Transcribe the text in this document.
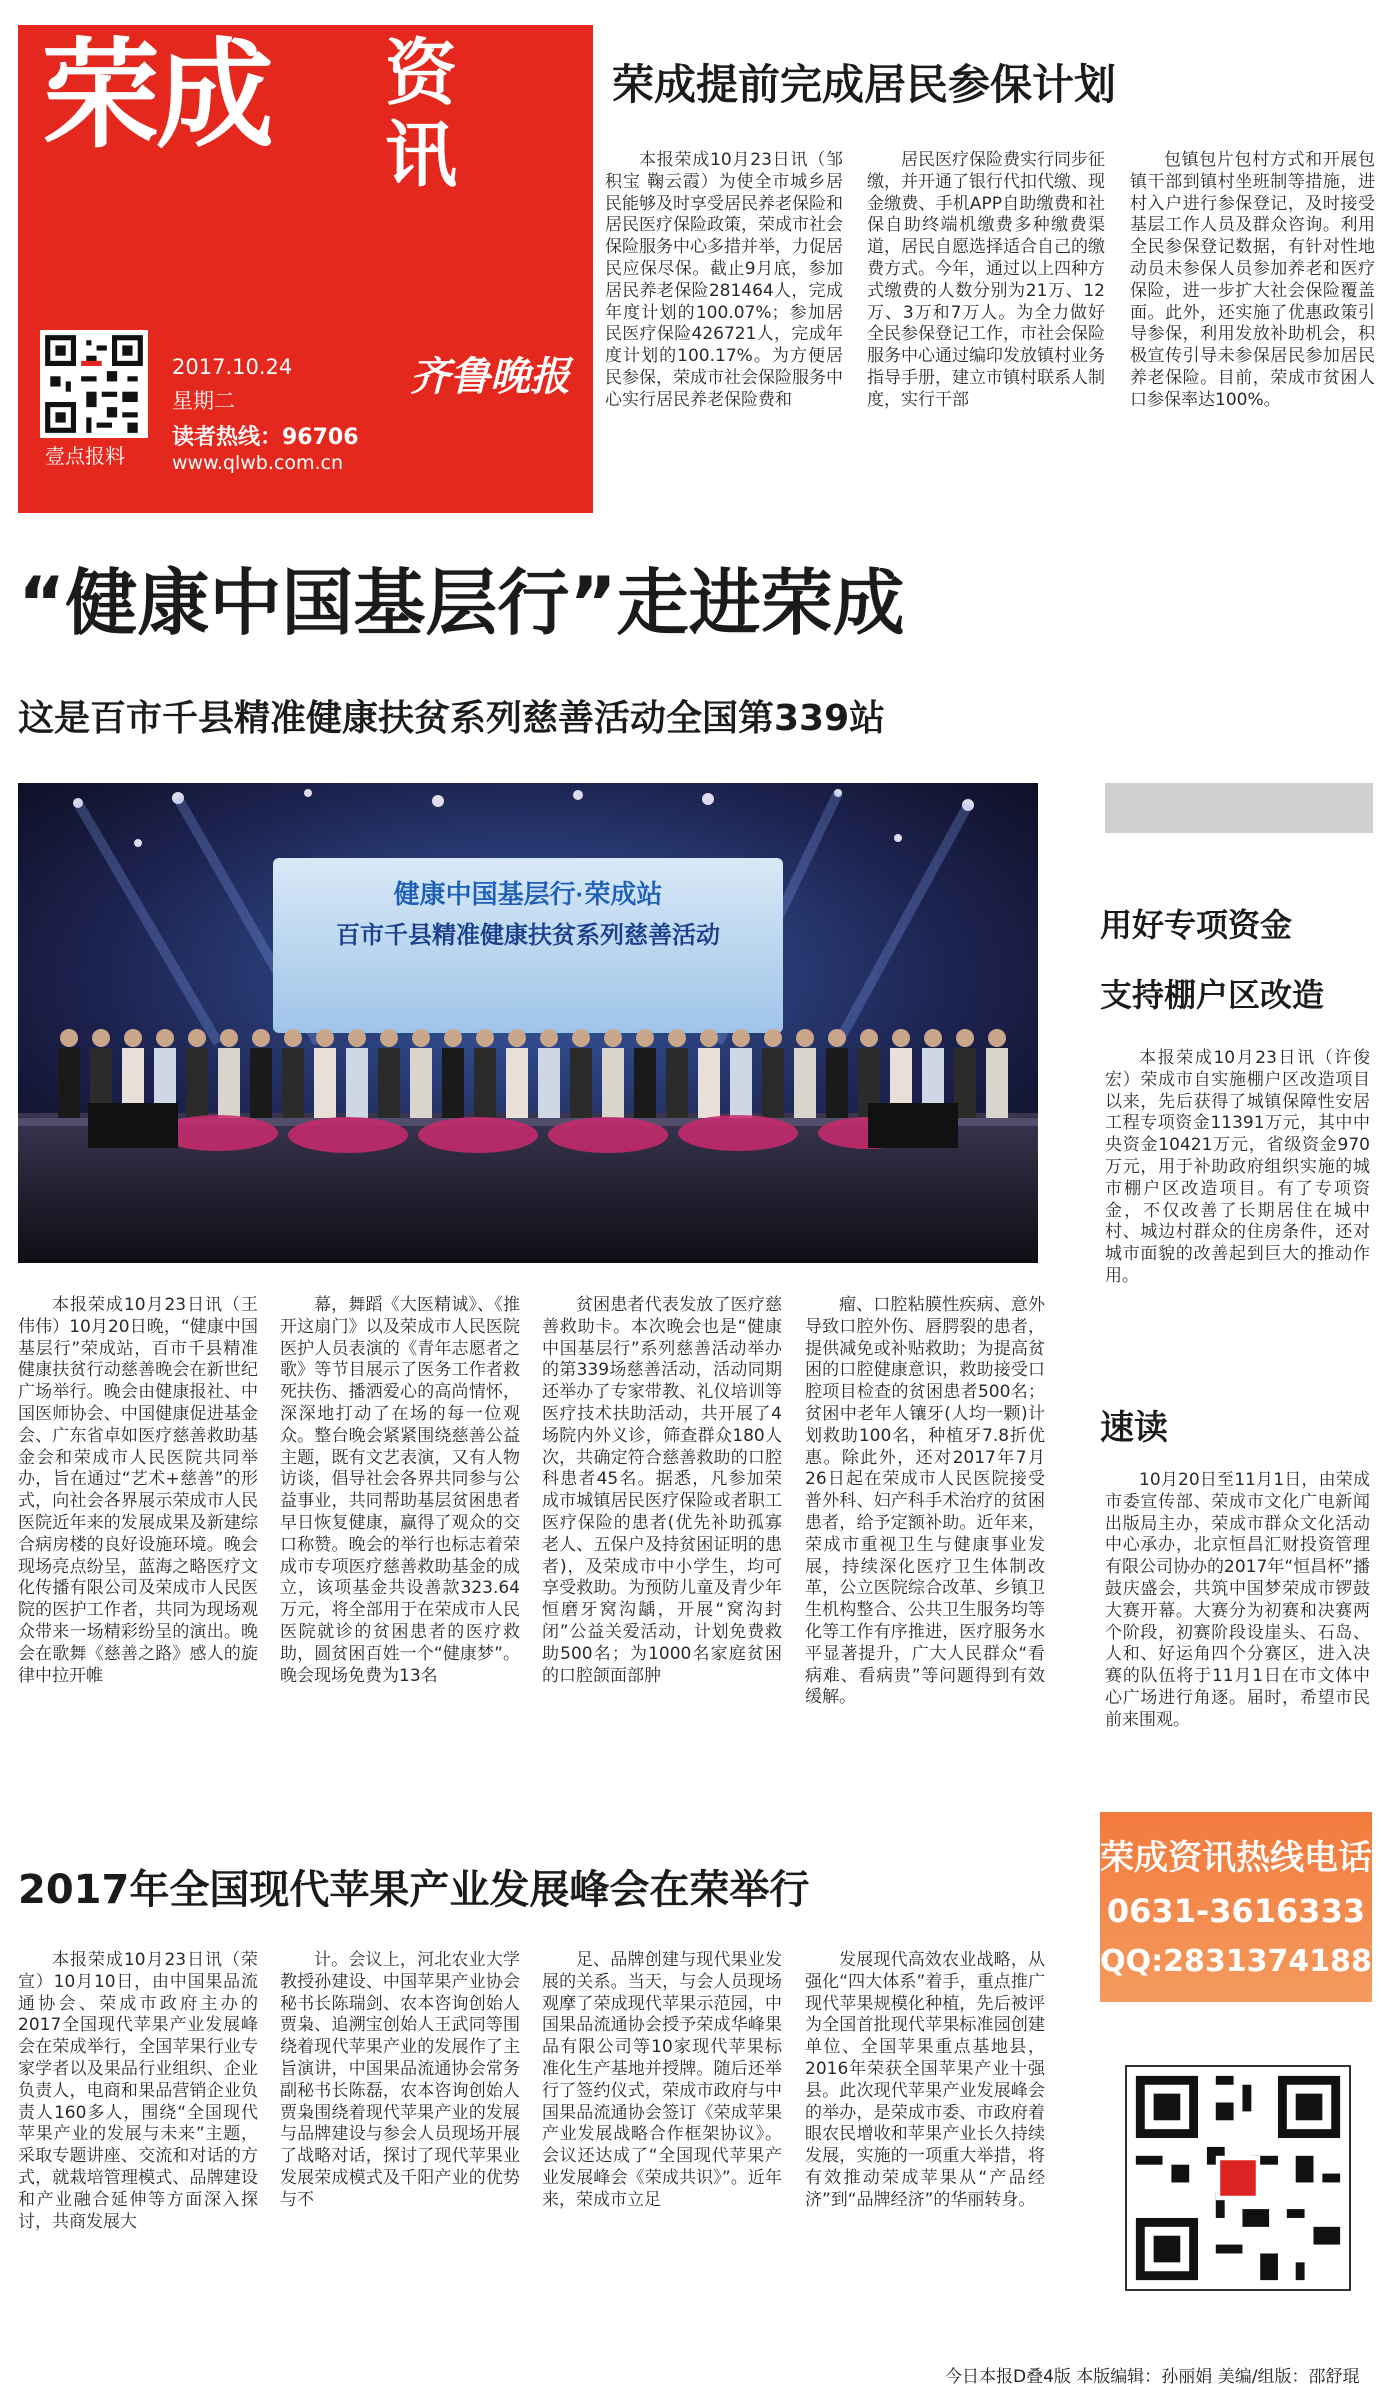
荣成 资
讯
壹点报料
2017.10.24
星期二
读者热线：96706
www.qlwb.com.cn
齐鲁晚报
荣成提前完成居民参保计划

本报荣成10月23日讯（邹积宝 鞠云霞）为使全市城乡居民能够及时享受居民养老保险和居民医疗保险政策，荣成市社会保险服务中心多措并举，力促居民应保尽保。截止9月底，参加居民养老保险281464人，完成年度计划的100.07%；参加居民医疗保险426721人，完成年度计划的100.17%。为方便居民参保，荣成市社会保险服务中心实行居民养老保险费和

居民医疗保险费实行同步征缴，并开通了银行代扣代缴、现金缴费、手机APP自助缴费和社保自助终端机缴费多种缴费渠道，居民自愿选择适合自己的缴费方式。今年，通过以上四种方式缴费的人数分别为21万、12万、3万和7万人。为全力做好全民参保登记工作，市社会保险服务中心通过编印发放镇村业务指导手册，建立市镇村联系人制度，实行干部

包镇包片包村方式和开展包镇干部到镇村坐班制等措施，进村入户进行参保登记，及时接受基层工作人员及群众咨询。利用全民参保登记数据，有针对性地动员未参保人员参加养老和医疗保险，进一步扩大社会保险覆盖面。此外，还实施了优惠政策引导参保，利用发放补助机会，积极宣传引导未参保居民参加居民养老保险。目前，荣成市贫困人口参保率达100%。

“健康中国基层行”走进荣成
这是百市千县精准健康扶贫系列慈善活动全国第339站
健康中国基层行·荣成站
百市千县精准健康扶贫系列慈善活动

本报荣成10月23日讯（王伟伟）10月20日晚，“健康中国基层行”荣成站，百市千县精准健康扶贫行动慈善晚会在新世纪广场举行。晚会由健康报社、中国医师协会、中国健康促进基金会、广东省卓如医疗慈善救助基金会和荣成市人民医院共同举办，旨在通过“艺术+慈善”的形式，向社会各界展示荣成市人民医院近年来的发展成果及新建综合病房楼的良好设施环境。晚会现场亮点纷呈，蓝海之略医疗文化传播有限公司及荣成市人民医院的医护工作者，共同为现场观众带来一场精彩纷呈的演出。晚会在歌舞《慈善之路》感人的旋律中拉开帷

幕，舞蹈《大医精诚》、《推开这扇门》以及荣成市人民医院医护人员表演的《青年志愿者之歌》等节目展示了医务工作者救死扶伤、播洒爱心的高尚情怀，深深地打动了在场的每一位观众。整台晚会紧紧围绕慈善公益主题，既有文艺表演，又有人物访谈，倡导社会各界共同参与公益事业，共同帮助基层贫困患者早日恢复健康，赢得了观众的交口称赞。晚会的举行也标志着荣成市专项医疗慈善救助基金的成立，该项基金共设善款323.64万元，将全部用于在荣成市人民医院就诊的贫困患者的医疗救助，圆贫困百姓一个“健康梦”。晚会现场免费为13名

贫困患者代表发放了医疗慈善救助卡。本次晚会也是“健康中国基层行”系列慈善活动举办的第339场慈善活动，活动同期还举办了专家带教、礼仪培训等医疗技术扶助活动，共开展了4场院内外义诊，筛查群众180人次，共确定符合慈善救助的口腔科患者45名。据悉，凡参加荣成市城镇居民医疗保险或者职工医疗保险的患者(优先补助孤寡老人、五保户及持贫困证明的患者)，及荣成市中小学生，均可享受救助。为预防儿童及青少年恒磨牙窝沟龋，开展“窝沟封闭”公益关爱活动，计划免费救助500名；为1000名家庭贫困的口腔颌面部肿

瘤、口腔粘膜性疾病、意外导致口腔外伤、唇腭裂的患者，提供减免或补贴救助；为提高贫困的口腔健康意识，救助接受口腔项目检查的贫困患者500名；贫困中老年人镶牙(人均一颗)计划救助100名，种植牙7.8折优惠。除此外，还对2017年7月26日起在荣成市人民医院接受普外科、妇产科手术治疗的贫困患者，给予定额补助。近年来，荣成市重视卫生与健康事业发展，持续深化医疗卫生体制改革，公立医院综合改革、乡镇卫生机构整合、公共卫生服务均等化等工作有序推进，医疗服务水平显著提升，广大人民群众“看病难、看病贵”等问题得到有效缓解。

用好专项资金
支持棚户区改造

本报荣成10月23日讯（许俊宏）荣成市自实施棚户区改造项目以来，先后获得了城镇保障性安居工程专项资金11391万元，其中中央资金10421万元，省级资金970万元，用于补助政府组织实施的城市棚户区改造项目。有了专项资金，不仅改善了长期居住在城中村、城边村群众的住房条件，还对城市面貌的改善起到巨大的推动作用。

速读

10月20日至11月1日，由荣成市委宣传部、荣成市文化广电新闻出版局主办，荣成市群众文化活动中心承办，北京恒昌汇财投资管理有限公司协办的2017年“恒昌杯”播鼓庆盛会，共筑中国梦荣成市锣鼓大赛开幕。大赛分为初赛和决赛两个阶段，初赛阶段设崖头、石岛、人和、好运角四个分赛区，进入决赛的队伍将于11月1日在市文体中心广场进行角逐。届时，希望市民前来围观。

2017年全国现代苹果产业发展峰会在荣举行

本报荣成10月23日讯（荣宣）10月10日，由中国果品流通协会、荣成市政府主办的2017全国现代苹果产业发展峰会在荣成举行，全国苹果行业专家学者以及果品行业组织、企业负责人，电商和果品营销企业负责人160多人，围绕“全国现代苹果产业的发展与未来”主题，采取专题讲座、交流和对话的方式，就栽培管理模式、品牌建设和产业融合延伸等方面深入探讨，共商发展大

计。会议上，河北农业大学教授孙建设、中国苹果产业协会秘书长陈瑞剑、农本咨询创始人贾枭、追溯宝创始人王武同等围绕着现代苹果产业的发展作了主旨演讲，中国果品流通协会常务副秘书长陈磊，农本咨询创始人贾枭围绕着现代苹果产业的发展与品牌建设与参会人员现场开展了战略对话，探讨了现代苹果业发展荣成模式及千阳产业的优势与不

足、品牌创建与现代果业发展的关系。当天，与会人员现场观摩了荣成现代苹果示范园，中国果品流通协会授予荣成华峰果品有限公司等10家现代苹果标准化生产基地并授牌。随后还举行了签约仪式，荣成市政府与中国果品流通协会签订《荣成苹果产业发展战略合作框架协议》。会议还达成了“全国现代苹果产业发展峰会《荣成共识》”。近年来，荣成市立足

发展现代高效农业战略，从强化“四大体系”着手，重点推广现代苹果规模化种植，先后被评为全国首批现代苹果标准园创建单位、全国苹果重点基地县，2016年荣获全国苹果产业十强县。此次现代苹果产业发展峰会的举办，是荣成市委、市政府着眼农民增收和苹果产业长久持续发展，实施的一项重大举措，将有效推动荣成苹果从“产品经济”到“品牌经济”的华丽转身。

荣成资讯热线电话
0631-3616333
QQ:2831374188
今日本报D叠4版 本版编辑：孙丽娟 美编/组版：邵舒琨
